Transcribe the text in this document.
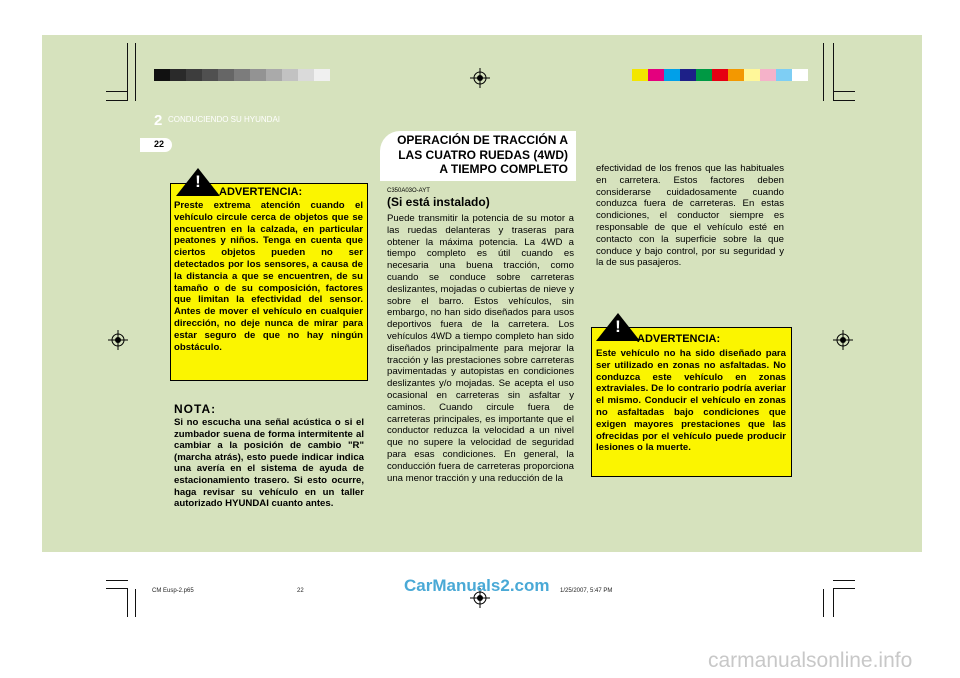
2 CONDUCIENDO SU HYUNDAI
22
!
ADVERTENCIA:
Preste extrema atención cuando el vehículo circule cerca de objetos que se encuentren en la calzada, en particular peatones y niños. Tenga en cuenta que ciertos objetos pueden no ser detectados por los sensores, a causa de la distancia a que se encuentren, de su tamaño o de su composición, factores que limitan la efectividad del sensor. Antes de mover el vehículo en cualquier dirección, no deje nunca de mirar para estar seguro de que no hay ningún obstáculo.
NOTA:
Si no escucha una señal acústica o si el zumbador suena de forma intermitente al cambiar a la posición de cambio "R" (marcha atrás), esto puede indicar indica una avería en el sistema de ayuda de estacionamiento trasero. Si esto ocurre, haga revisar su vehículo en un taller autorizado HYUNDAI cuanto antes.
OPERACIÓN DE TRACCIÓN A LAS CUATRO RUEDAS (4WD) A TIEMPO COMPLETO
C350A03O-AYT
(Si está instalado)
Puede transmitir la potencia de su motor a las ruedas delanteras y traseras para obtener la máxima potencia. La 4WD a tiempo completo es útil cuando es necesaria una buena tracción, como cuando se conduce sobre carreteras deslizantes, mojadas o cubiertas de nieve y sobre el barro. Estos vehículos, sin embargo, no han sido diseñados para usos deportivos fuera de la carretera. Los vehículos 4WD a tiempo completo han sido diseñados principalmente para mejorar la tracción y las prestaciones sobre carreteras pavimentadas y autopistas en condiciones deslizantes y/o mojadas. Se acepta el uso ocasional en carreteras sin asfaltar y caminos. Cuando circule fuera de carreteras principales, es importante que el conductor reduzca la velocidad a un nivel que no supere la velocidad de seguridad para esas condiciones. En general, la conducción fuera de carreteras proporciona una menor tracción y una reducción de la
efectividad de los frenos que las habituales en carretera. Estos factores deben considerarse cuidadosamente cuando conduzca fuera de carreteras. En estas condiciones, el conductor siempre es responsable de que el vehículo esté en contacto con la superficie sobre la que conduce y bajo control, por su seguridad y la de sus pasajeros.
!
ADVERTENCIA:
Este vehículo no ha sido diseñado para ser utilizado en zonas no asfaltadas. No conduzca este vehículo en zonas extraviales. De lo contrario podría averiar el mismo. Conducir el vehículo en zonas no asfaltadas bajo condiciones que exigen mayores prestaciones que las ofrecidas por el vehículo puede producir lesiones o la muerte.
CM Eusp-2.p65	22	1/25/2007, 5:47 PM
CarManuals2.com
carmanualsonline.info
